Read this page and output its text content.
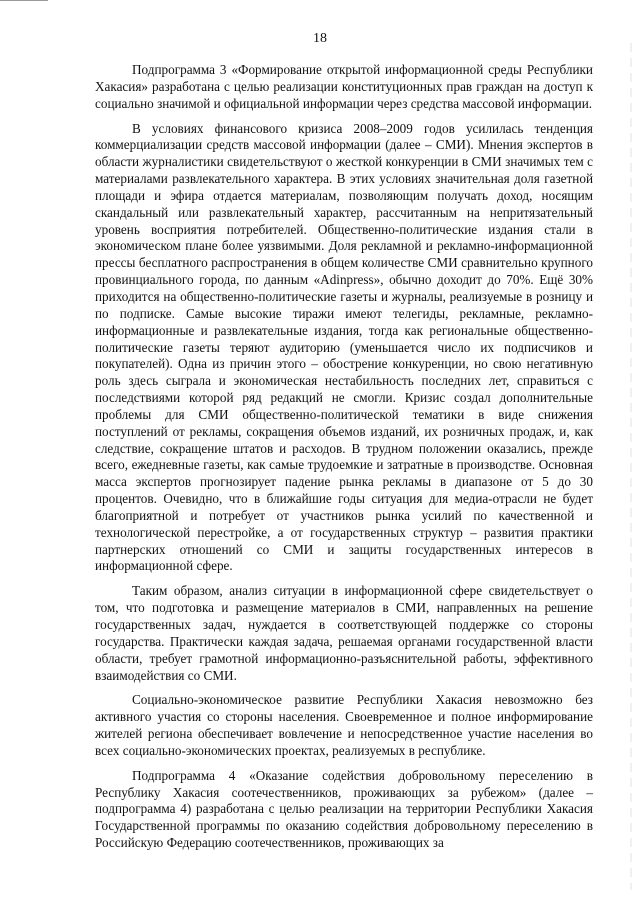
18

Подпрограмма 3 «Формирование открытой информационной среды Республики Хакасия» разработана с целью реализации конституционных прав граждан на доступ к социально значимой и официальной информации через средства массовой информации.

В условиях финансового кризиса 2008–2009 годов усилилась тенденция коммерциализации средств массовой информации (далее – СМИ). Мнения экспертов в области журналистики свидетельствуют о жесткой конкуренции в СМИ значимых тем с материалами развлекательного характера. В этих условиях значительная доля газетной площади и эфира отдается материалам, позволяющим получать доход, носящим скандальный или развлекательный характер, рассчитанным на непритязательный уровень восприятия потребителей. Общественно-политические издания стали в экономическом плане более уязвимыми. Доля рекламной и рекламно-информационной прессы бесплатного распространения в общем количестве СМИ сравнительно крупного провинциального города, по данным «Adinpress», обычно доходит до 70%. Ещё 30% приходится на общественно-политические газеты и журналы, реализуемые в розницу и по подписке. Самые высокие тиражи имеют телегиды, рекламные, рекламно-информационные и развлекательные издания, тогда как региональные общественно-политические газеты теряют аудиторию (уменьшается число их подписчиков и покупателей). Одна из причин этого – обострение конкуренции, но свою негативную роль здесь сыграла и экономическая нестабильность последних лет, справиться с последствиями которой ряд редакций не смогли. Кризис создал дополнительные проблемы для СМИ общественно-политической тематики в виде снижения поступлений от рекламы, сокращения объемов изданий, их розничных продаж, и, как следствие, сокращение штатов и расходов. В трудном положении оказались, прежде всего, ежедневные газеты, как самые трудоемкие и затратные в производстве. Основная масса экспертов прогнозирует падение рынка рекламы в диапазоне от 5 до 30 процентов. Очевидно, что в ближайшие годы ситуация для медиа-отрасли не будет благоприятной и потребует от участников рынка усилий по качественной и технологической перестройке, а от государственных структур – развития практики партнерских отношений со СМИ и защиты государственных интересов в информационной сфере.

Таким образом, анализ ситуации в информационной сфере свидетельствует о том, что подготовка и размещение материалов в СМИ, направленных на решение государственных задач, нуждается в соответствующей поддержке со стороны государства. Практически каждая задача, решаемая органами государственной власти области, требует грамотной информационно-разъяснительной работы, эффективного взаимодействия со СМИ.

Социально-экономическое развитие Республики Хакасия невозможно без активного участия со стороны населения. Своевременное и полное информирование жителей региона обеспечивает вовлечение и непосредственное участие населения во всех социально-экономических проектах, реализуемых в республике.

Подпрограмма 4 «Оказание содействия добровольному переселению в Республику Хакасия соотечественников, проживающих за рубежом» (далее – подпрограмма 4) разработана с целью реализации на территории Республики Хакасия Государственной программы по оказанию содействия добровольному переселению в Российскую Федерацию соотечественников, проживающих за
